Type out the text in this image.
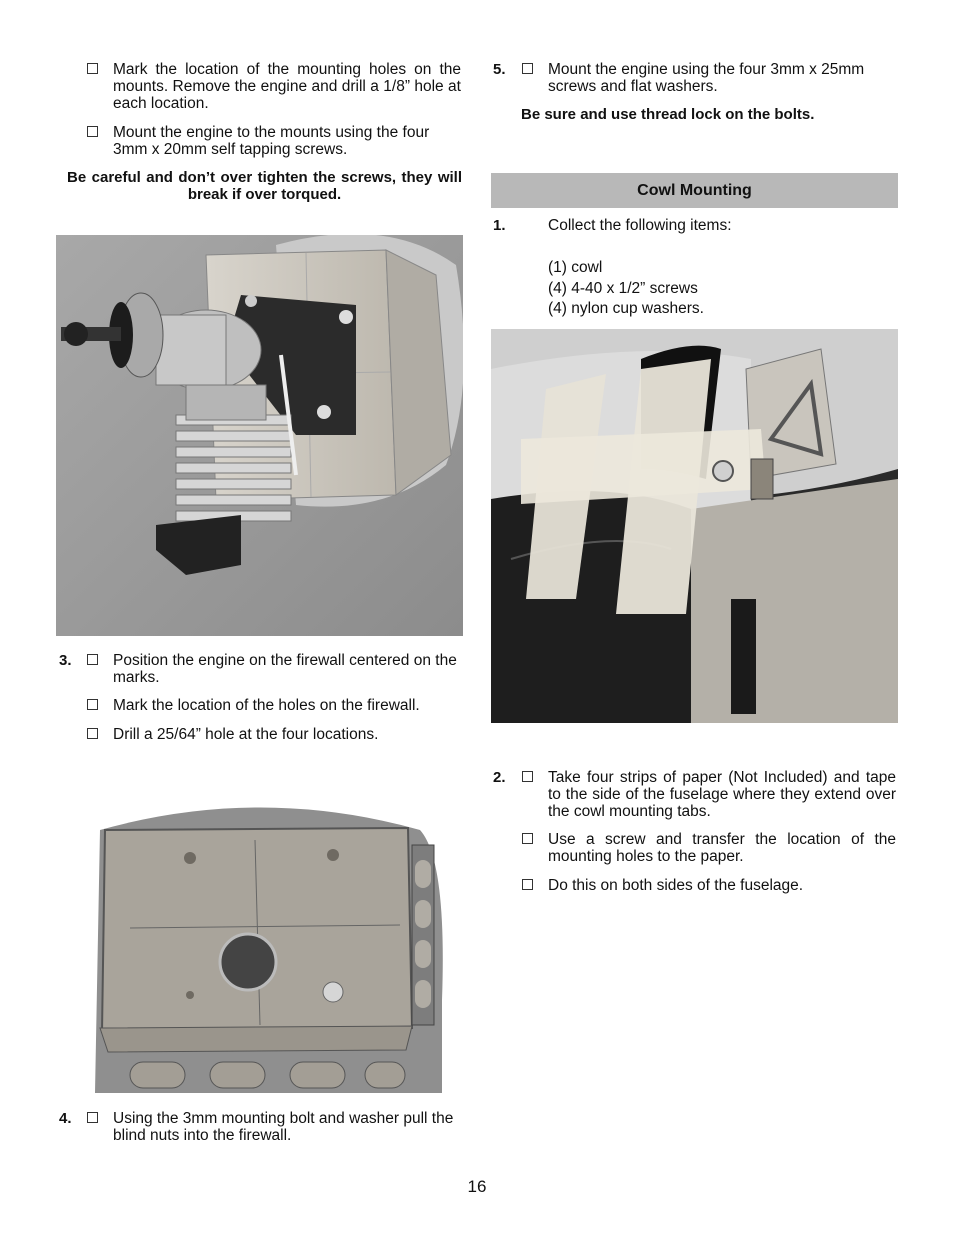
Mark the location of the mounting holes on the mounts. Remove the engine and drill a 1/8” hole at each location.
Mount the engine to the mounts using the four 3mm x 20mm self tapping screws.
Be careful and don’t over tighten the screws, they will break if over torqued.
3.	Position the engine on the firewall centered on the marks.
Mark the location of the holes on the firewall.
Drill a 25/64” hole at the four locations.
4.	Using the 3mm mounting bolt and washer pull the blind nuts into the firewall.
5.	Mount the engine using the four 3mm x 25mm screws and flat washers.
Be sure and use thread lock on the bolts.
Cowl Mounting
1.	Collect the following items:
(1) cowl
(4) 4-40 x 1/2” screws
(4) nylon cup washers.
2.	Take four strips of paper (Not Included) and tape to the side of the fuselage where they extend over the cowl mounting tabs.
Use a screw and transfer the location of the mounting holes to the paper.
Do this on both sides of the fuselage.
16
